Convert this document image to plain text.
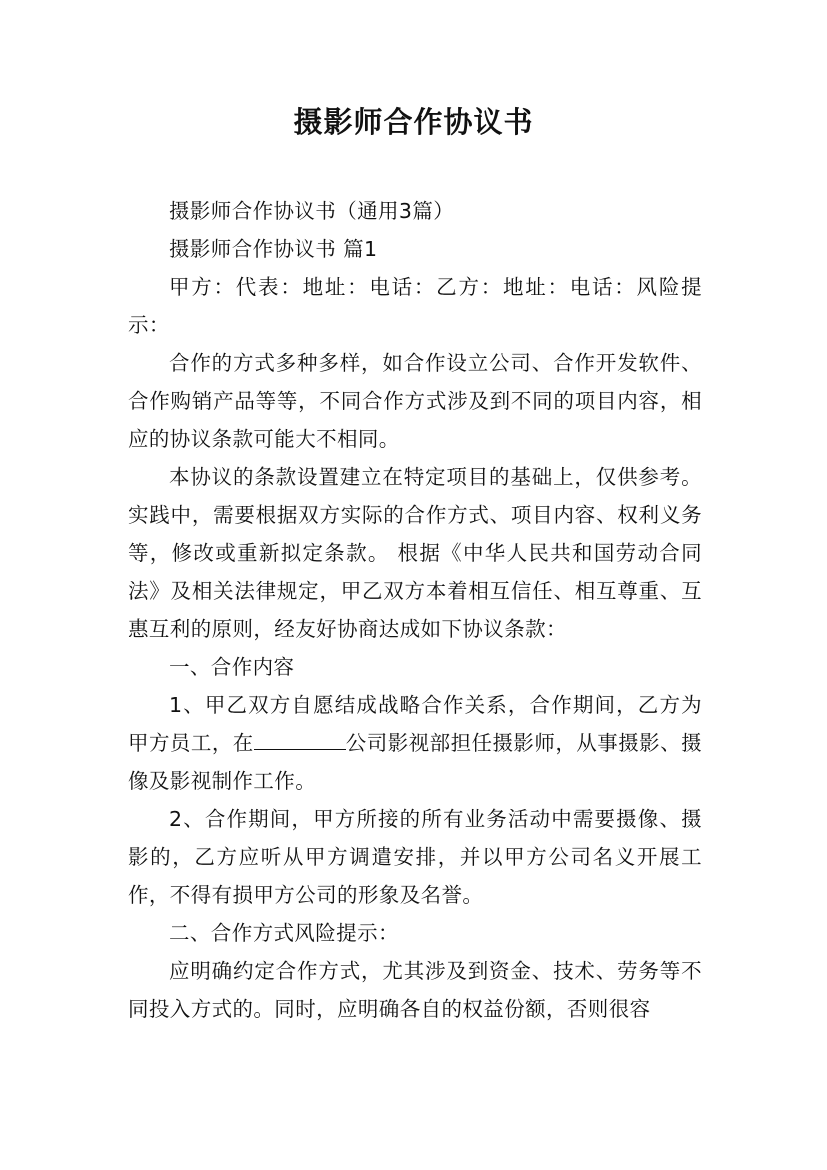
摄影师合作协议书

摄影师合作协议书（通用3篇）

摄影师合作协议书 篇1

甲方：代表：地址：电话：乙方：地址：电话：风险提示：

合作的方式多种多样，如合作设立公司、合作开发软件、合作购销产品等等，不同合作方式涉及到不同的项目内容，相应的协议条款可能大不相同。

本协议的条款设置建立在特定项目的基础上，仅供参考。实践中，需要根据双方实际的合作方式、项目内容、权利义务等，修改或重新拟定条款。 根据《中华人民共和国劳动合同法》及相关法律规定，甲乙双方本着相互信任、相互尊重、互惠互利的原则，经友好协商达成如下协议条款：

一、合作内容

1、甲乙双方自愿结成战略合作关系，合作期间，乙方为甲方员工，在	公司影视部担任摄影师，从事摄影、摄像及影视制作工作。

2、合作期间，甲方所接的所有业务活动中需要摄像、摄影的，乙方应听从甲方调遣安排，并以甲方公司名义开展工作，不得有损甲方公司的形象及名誉。

二、合作方式风险提示：

应明确约定合作方式，尤其涉及到资金、技术、劳务等不同投入方式的。同时，应明确各自的权益份额，否则很容
